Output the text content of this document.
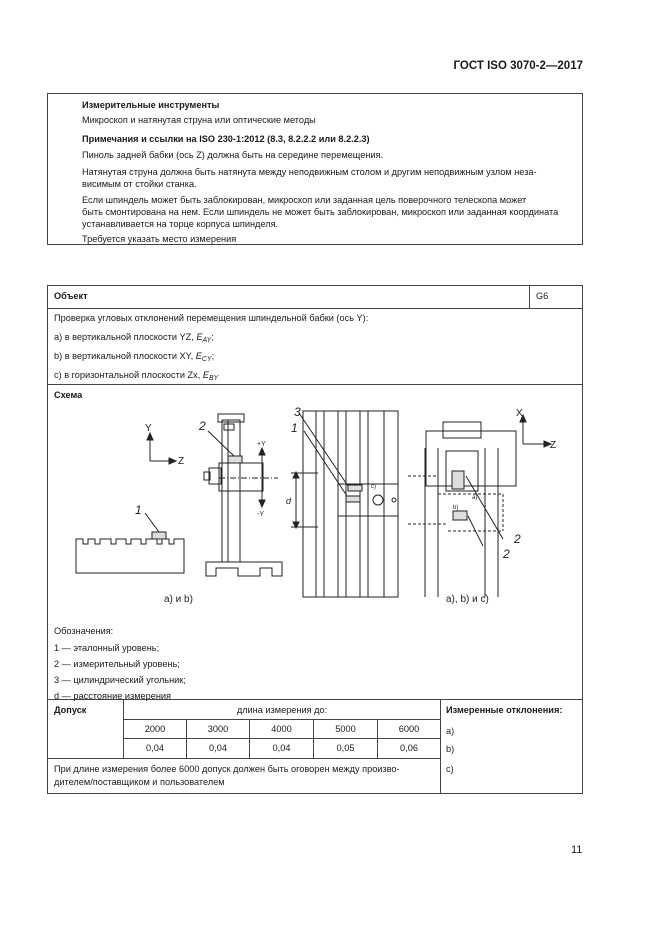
ГОСТ ISO 3070-2—2017
Измерительные инструменты
Микроскоп и натянутая струна или оптические методы
Примечания и ссылки на ISO 230-1:2012 (8.3, 8.2.2.2 или 8.2.2.3)
Пиноль задней бабки (ось Z) должна быть на середине перемещения.
Натянутая струна должна быть натянута между неподвижным столом и другим неподвижным узлом неза-
висимым от стойки станка.
Если шпиндель может быть заблокирован, микроскоп или заданная цель поверочного телескопа может
быть смонтирована на нем. Если шпиндель не может быть заблокирован, микроскоп или заданная координата
устанавливается на торце корпуса шпинделя.
Требуется указать место измерения
Объект	G6
Проверка угловых отклонений перемещения шпиндельной бабки (ось Y):
а) в вертикальной плоскости YZ, $E_{AY}$;
b) в вертикальной плоскости XY, $E_{CY}$;
с) в горизонтальной плоскости Zx, $E_{BY}$
Схема
Y
Z
+Y
-Y
1
2
3
1
d
c)
a)
b)
X
Z
2
2
a) и b)	a), b) и c)
Обозначения:
1 — эталонный уровень;
2 — измерительный уровень;
3 — цилиндрический угольник;
d — расстояние измерения
Допуск	длина измерения до:
2000	3000	4000	5000	6000
0,04	0,04	0,04	0,05	0,06
При длине измерения более 6000 допуск должен быть оговорен между произво-
дителем/поставщиком и пользователем
Измеренные отклонения:
а)
b)
с)
11
